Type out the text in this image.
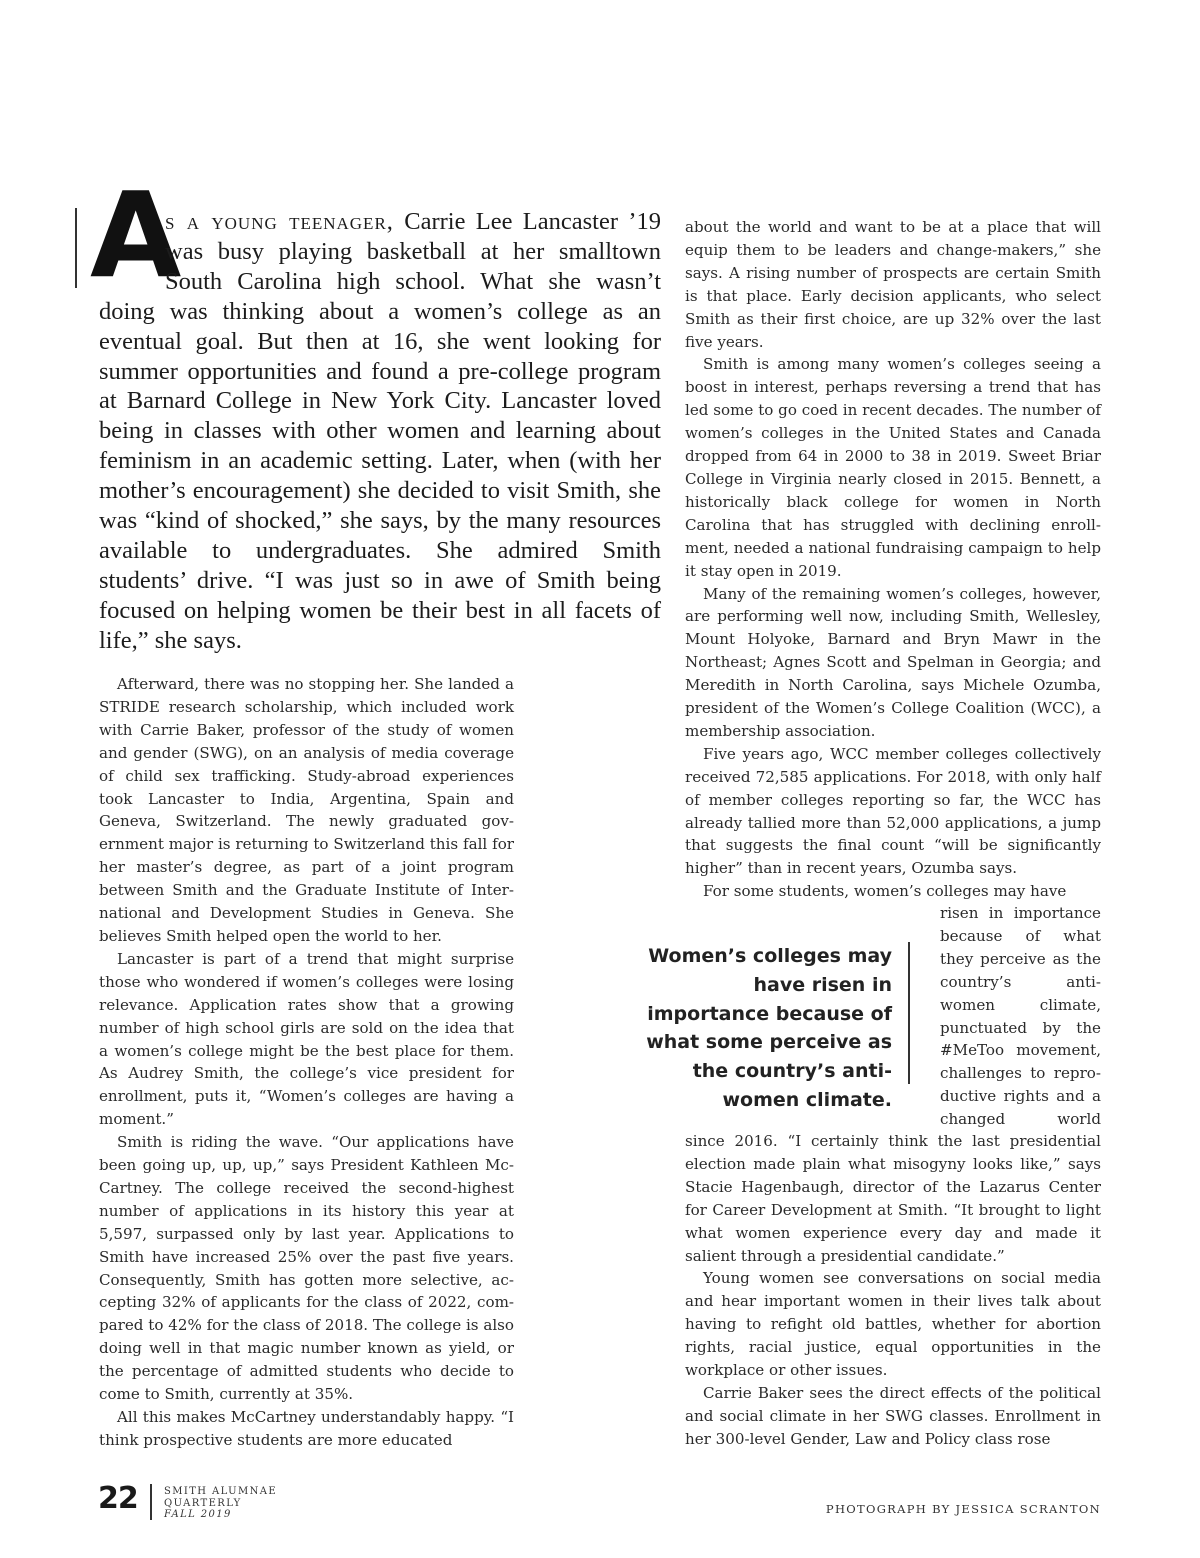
A

s a young teenager, Carrie Lee Lancaster ’19 was busy playing basketball at her smalltown South Carolina high school. What she wasn’t doing was thinking about a women’s college as an eventual goal. But then at 16, she went looking for summer opportunities and found a pre-college program at Barnard College in New York City. Lancaster loved being in classes with other women and learning about feminism in an academic setting. Later, when (with her mother’s encouragement) she decided to visit Smith, she was “kind of shocked,” she says, by the many resources available to undergraduates. She admired Smith students’ drive. “I was just so in awe of Smith being focused on helping women be their best in all facets of life,” she says.

Afterward, there was no stopping her. She landed a STRIDE research scholarship, which included work with Carrie Baker, professor of the study of women and gender (SWG), on an analysis of media coverage of child sex trafficking. Study-abroad experiences took Lancaster to India, Argentina, Spain and Geneva, Switzerland. The newly graduated government major is returning to Switzerland this fall for her master’s degree, as part of a joint program between Smith and the Graduate Institute of International and Development Studies in Geneva. She believes Smith helped open the world to her.

Lancaster is part of a trend that might surprise those who wondered if women’s colleges were losing relevance. Application rates show that a growing number of high school girls are sold on the idea that a women’s college might be the best place for them. As Audrey Smith, the college’s vice president for enrollment, puts it, “Women’s colleges are having a moment.”

Smith is riding the wave. “Our applications have been going up, up, up,” says President Kathleen McCartney. The college received the second-highest number of applications in its history this year at 5,597, surpassed only by last year. Applications to Smith have increased 25% over the past five years. Consequently, Smith has gotten more selective, accepting 32% of applicants for the class of 2022, compared to 42% for the class of 2018. The college is also doing well in that magic number known as yield, or the percentage of admitted students who decide to come to Smith, currently at 35%.

All this makes McCartney understandably happy. “I think prospective students are more educated

about the world and want to be at a place that will equip them to be leaders and change-makers,” she says. A rising number of prospects are certain Smith is that place. Early decision applicants, who select Smith as their first choice, are up 32% over the last five years.

Smith is among many women’s colleges seeing a boost in interest, perhaps reversing a trend that has led some to go coed in recent decades. The number of women’s colleges in the United States and Canada dropped from 64 in 2000 to 38 in 2019. Sweet Briar College in Virginia nearly closed in 2015. Bennett, a historically black college for women in North Carolina that has struggled with declining enrollment, needed a national fundraising campaign to help it stay open in 2019.

Many of the remaining women’s colleges, however, are performing well now, including Smith, Wellesley, Mount Holyoke, Barnard and Bryn Mawr in the Northeast; Agnes Scott and Spelman in Georgia; and Meredith in North Carolina, says Michele Ozumba, president of the Women’s College Coalition (WCC), a membership association.

Five years ago, WCC member colleges collectively received 72,585 applications. For 2018, with only half of member colleges reporting so far, the WCC has already tallied more than 52,000 applications, a jump that suggests the final count “will be significantly higher” than in recent years, Ozumba says.

For some students, women’s colleges may have

risen in importance because of what they perceive as the country’s anti-women climate, punctuated by the #MeToo movement, challenges to reproductive rights and a changed world

Women’s colleges may have risen in importance because of what some perceive as the country’s anti-women climate.

since 2016. “I certainly think the last presidential election made plain what misogyny looks like,” says Stacie Hagenbaugh, director of the Lazarus Center for Career Development at Smith. “It brought to light what women experience every day and made it salient through a presidential candidate.”

Young women see conversations on social media and hear important women in their lives talk about having to refight old battles, whether for abortion rights, racial justice, equal opportunities in the workplace or other issues.

Carrie Baker sees the direct effects of the political and social climate in her SWG classes. Enrollment in her 300-level Gender, Law and Policy class rose

22	SMITH ALUMNAE
QUARTERLY
FALL 2019	PHOTOGRAPH BY JESSICA SCRANTON
